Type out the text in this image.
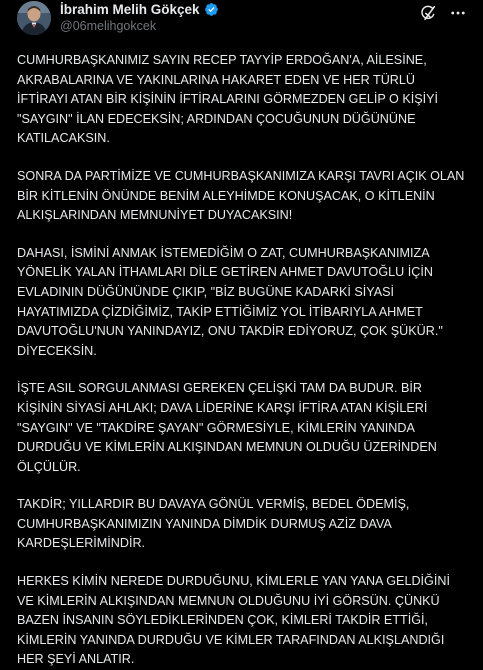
İbrahim Melih Gökçek
@06melihgokcek

CUMHURBAŞKANIMIZ SAYIN RECEP TAYYİP ERDOĞAN'A, AİLESİNE, AKRABALARINA VE YAKINLARINA HAKARET EDEN VE HER TÜRLÜ İFTİRAYI ATAN BİR KİŞİNİN İFTİRALARINI GÖRMEZDEN GELİP O KİŞİYİ "SAYGIN" İLAN EDECEKSİN; ARDINDAN ÇOCUĞUNUN DÜĞÜNÜNE KATILACAKSIN.

SONRA DA PARTİMİZE VE CUMHURBAŞKANIMIZA KARŞI TAVRI AÇIK OLAN BİR KİTLENİN ÖNÜNDE BENİM ALEYHİMDE KONUŞACAK, O KİTLENİN ALKIŞLARINDAN MEMNUNİYET DUYACAKSIN!

DAHASI, İSMİNİ ANMAK İSTEMEDİĞİM O ZAT, CUMHURBAŞKANIMIZA YÖNELİK YALAN İTHAMLARI DİLE GETİREN AHMET DAVUTOĞLU İÇİN EVLADININ DÜĞÜNÜNDE ÇIKIP, "BİZ BUGÜNE KADARKİ SİYASİ HAYATIMIZDA ÇİZDİĞİMİZ, TAKİP ETTİĞİMİZ YOL İTİBARIYLA AHMET DAVUTOĞLU'NUN YANINDAYIZ, ONU TAKDİR EDİYORUZ, ÇOK ŞÜKÜR." DİYECEKSİN.

İŞTE ASIL SORGULANMASI GEREKEN ÇELİŞKİ TAM DA BUDUR. BİR KİŞİNİN SİYASİ AHLAKI; DAVA LİDERİNE KARŞI İFTİRA ATAN KİŞİLERİ "SAYGIN" VE "TAKDİRE ŞAYAN" GÖRMESİYLE, KİMLERİN YANINDA DURDUĞU VE KİMLERİN ALKIŞINDAN MEMNUN OLDUĞU ÜZERİNDEN ÖLÇÜLÜR.

TAKDİR; YILLARDIR BU DAVAYA GÖNÜL VERMİŞ, BEDEL ÖDEMİŞ, CUMHURBAŞKANIMIZIN YANINDA DİMDİK DURMUŞ AZİZ DAVA KARDEŞLERİMİNDİR.

HERKES KİMİN NEREDE DURDUĞUNU, KİMLERLE YAN YANA GELDİĞİNİ VE KİMLERİN ALKIŞINDAN MEMNUN OLDUĞUNU İYİ GÖRSÜN. ÇÜNKÜ BAZEN İNSANIN SÖYLEDİKLERİNDEN ÇOK, KİMLERİ TAKDİR ETTİĞİ, KİMLERİN YANINDA DURDUĞU VE KİMLER TARAFINDAN ALKIŞLANDIĞI HER ŞEYİ ANLATIR.
